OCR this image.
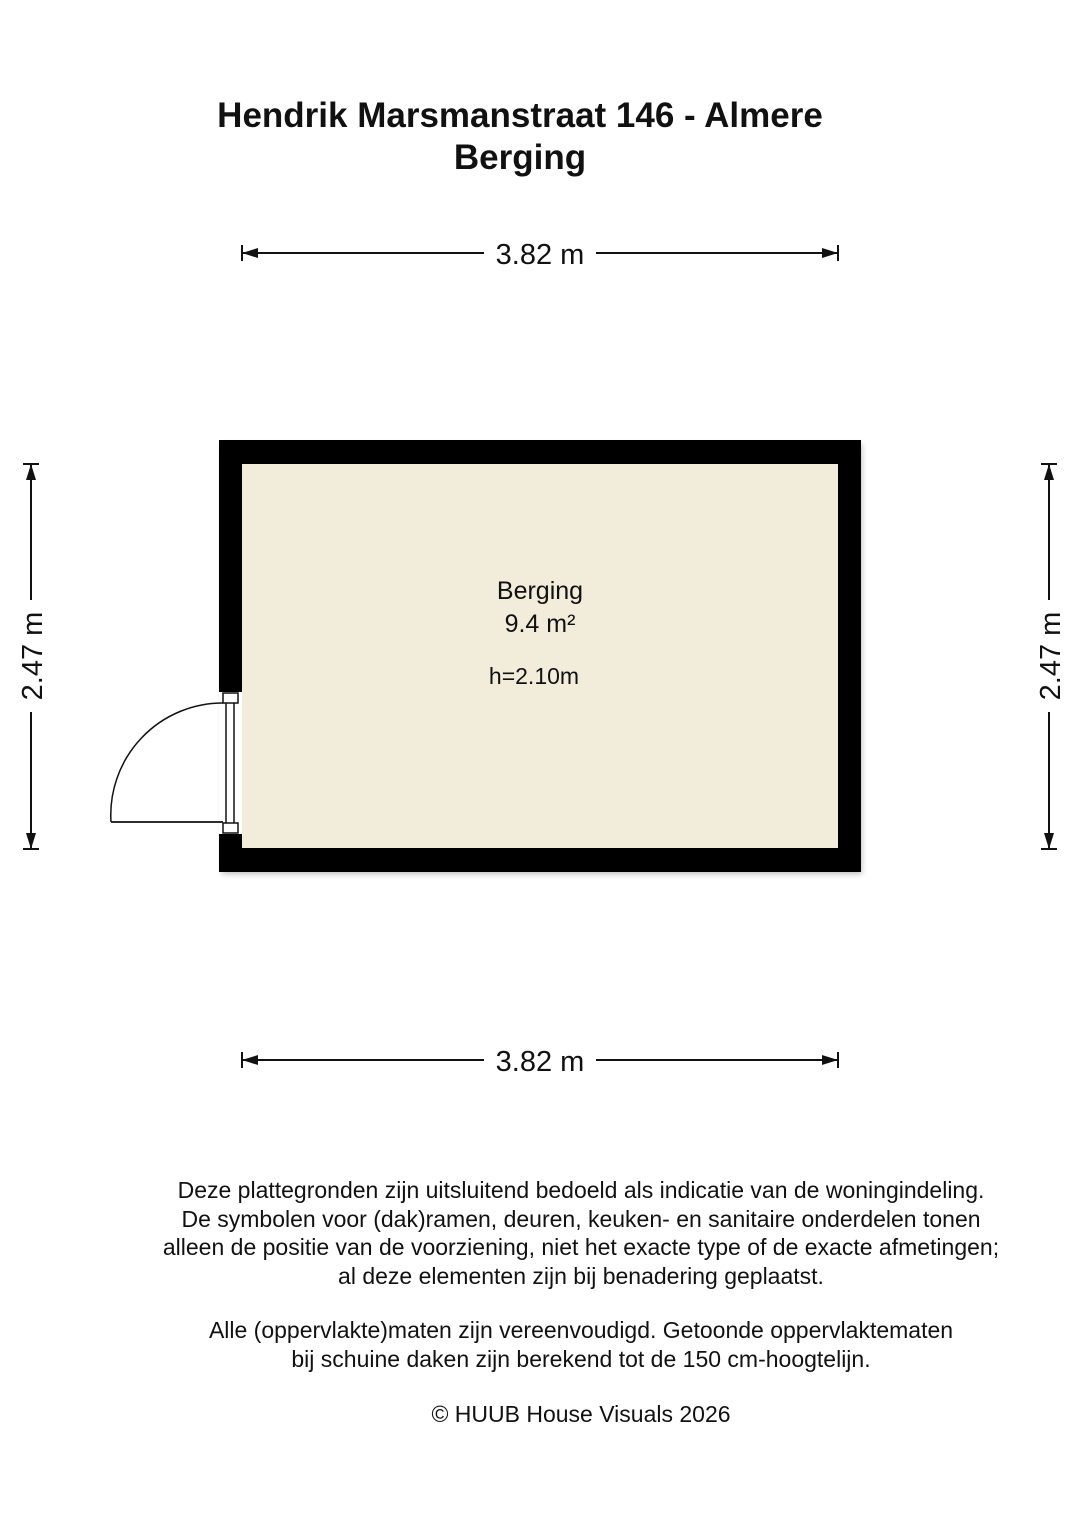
Hendrik Marsmanstraat 146 - Almere
Berging
3.82 m
3.82 m
2.47 m	2.47 m
Berging
9.4 m²
h=2.10m
Deze plattegronden zijn uitsluitend bedoeld als indicatie van de woningindeling.
De symbolen voor (dak)ramen, deuren, keuken- en sanitaire onderdelen tonen
alleen de positie van de voorziening, niet het exacte type of de exacte afmetingen;
al deze elementen zijn bij benadering geplaatst.
Alle (oppervlakte)maten zijn vereenvoudigd. Getoonde oppervlaktematen
bij schuine daken zijn berekend tot de 150 cm-hoogtelijn.
© HUUB House Visuals 2026
